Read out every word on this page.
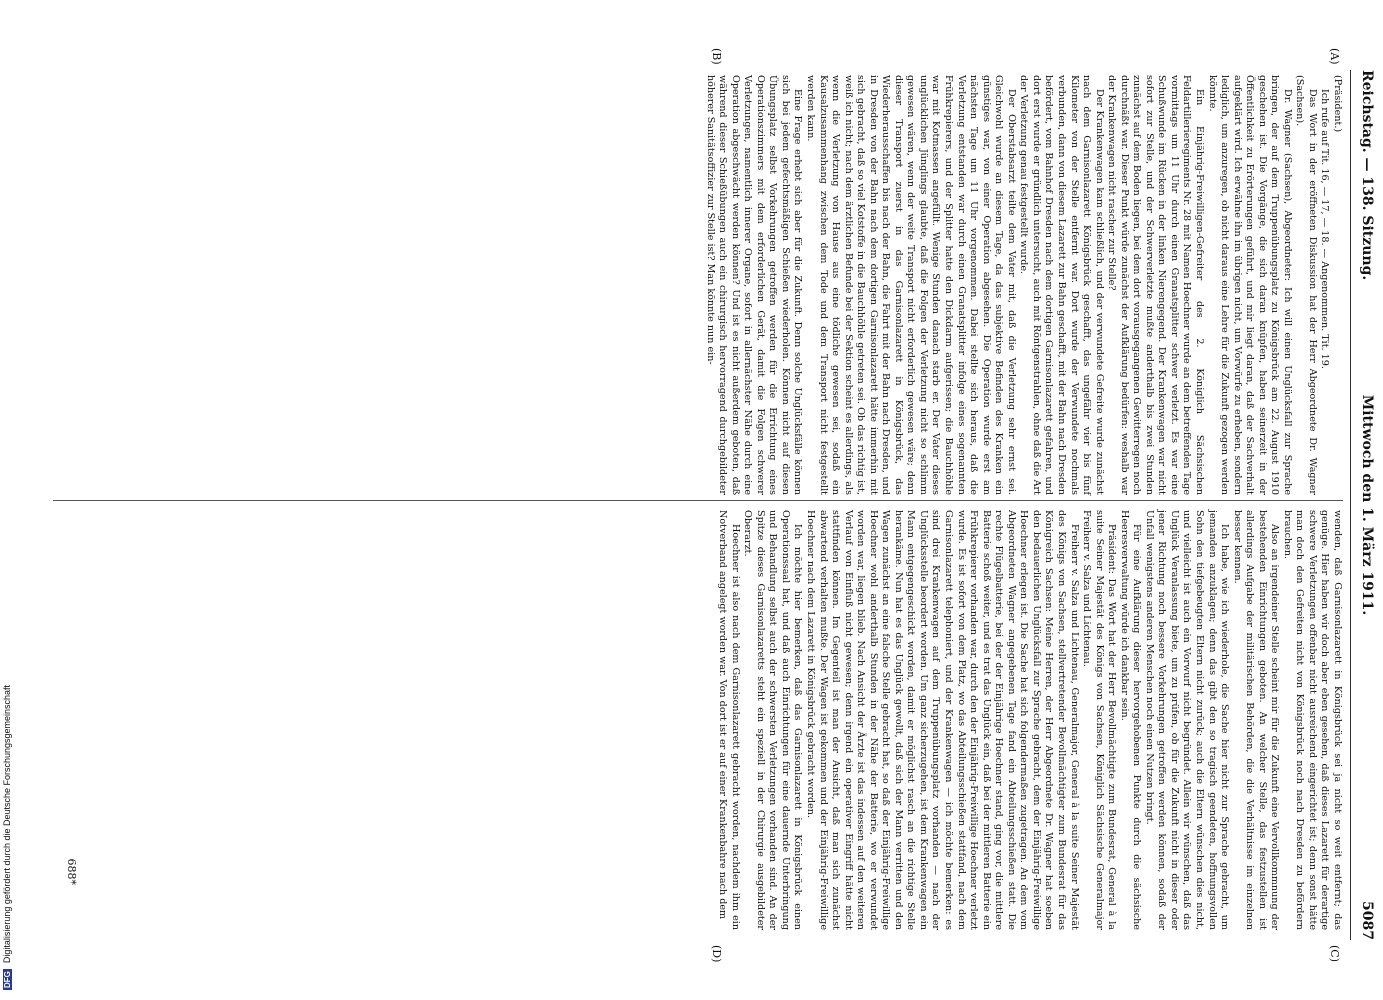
DFGDigitalisierung gefördert durch die Deutsche Forschungsgemeinschaft
Reichstag. — 138. Sitzung.
Mittwoch den 1. März 1911.
5087
(A)
(B)
(C)
(D)

(Präsident.)

Ich rufe auf Tit. 16, — 17, — 18. — Angenommen. Tit. 19.

Das Wort in der eröffneten Diskussion hat der Herr Abgeordnete Dr. Wagner (Sachsen).

Dr. Wagner (Sachsen), Abgeordneter: Ich will einen Unglücksfall zur Sprache bringen, der auf dem Truppenübungsplatz zu Königsbrück am 22. August 1910 geschehen ist. Die Vorgänge, die sich daran knüpfen, haben seinerzeit in der Öffentlichkeit zu Erörterungen geführt, und mir liegt daran, daß der Sachverhalt aufgeklärt wird. Ich erwähne ihn im übrigen nicht, um Vorwürfe zu erheben, sondern lediglich, um anzuregen, ob nicht daraus eine Lehre für die Zukunft gezogen werden könnte.

Ein Einjährig-Freiwilligen-Gefreiter des 2. Königlich Sächsischen Feldartillerieregiments Nr. 28 mit Namen Hoechner wurde an dem betreffenden Tage vormittags um 11 Uhr durch einen Granatsplitter schwer verletzt. Es war eine Schußwunde im Rücken in der linken Nierengegend. Der Krankenwagen war nicht sofort zur Stelle, und der Schwerverletzte mußte anderthalb bis zwei Stunden zunächst auf dem Boden liegen, bei dem dort vorausgegangenen Gewitterregen noch durchnäßt war. Dieser Punkt würde zunächst der Aufklärung bedürfen: weshalb war der Krankenwagen nicht rascher zur Stelle?

Der Krankenwagen kam schließlich, und der verwundete Gefreite wurde zunächst nach dem Garnisonlazarett Königsbrück geschafft, das ungefähr vier bis fünf Kilometer von der Stelle entfernt war. Dort wurde der Verwundete nochmals verbunden, dann von diesem Lazarett zur Bahn geschafft, mit der Bahn nach Dresden befördert, vom Bahnhof Dresden nach dem dortigen Garnisonlazarett gefahren, und dort erst wurde er gründlich untersucht, auch mit Röntgenstrahlen, ohne daß die Art der Verletzung genau festgestellt wurde.

Der Oberstabsarzt teilte dem Vater mit, daß die Verletzung sehr ernst sei. Gleichwohl wurde an diesem Tage, da das subjektive Befinden des Kranken ein günstiges war, von einer Operation abgesehen. Die Operation wurde erst am nächsten Tage um 11 Uhr vorgenommen. Dabei stellte sich heraus, daß die Verletzung entstanden war durch einen Granatsplitter infolge eines sogenannten Frühkrepierers, und der Splitter hatte den Dickdarm aufgerissen; die Bauchhöhle war mit Kotmassen angefüllt. Wenige Stunden danach starb er. Der Vater dieses unglücklichen Jünglings glaubte, daß die Folgen der Verletzung nicht so schlimm gewesen wären, wenn der weite Transport nicht erforderlich gewesen wäre; denn dieser Transport zuerst in das Garnisonlazarett in Königsbrück, das Wiederherausschaffen bis nach der Bahn, die Fahrt mit der Bahn nach Dresden, und in Dresden von der Bahn nach dem dortigen Garnisonlazarett hätte immerhin mit sich gebracht, daß so viel Kotstoffe in die Bauchhöhle getreten sei. Ob das richtig ist, weiß ich nicht; nach dem ärztlichen Befunde bei der Sektion scheint es allerdings, als wenn die Verletzung von Hause aus eine tödliche gewesen sei, sodaß ein Kausalzusammenhang zwischen dem Tode und dem Transport nicht festgestellt werden kann.

Eine Frage erhebt sich aber für die Zukunft. Denn solche Unglücksfälle können sich bei jedem gefechtsmäßigen Schießen wiederholen. Können nicht auf diesen Übungsplatz selbst Vorkehrungen getroffen werden für die Errichtung eines Operationszimmers mit dem erforderlichen Gerät, damit die Folgen schwerer Verletzungen, namentlich innerer Organe, sofort in allernächster Nähe durch eine Operation abgeschwächt werden können? Und ist es nicht außerdem geboten, daß während dieser Schießübungen auch ein chirurgisch hervorragend durchgebildeter höherer Sanitätsoffizier zur Stelle ist? Man könnte nun ein-

wenden, daß Garnisonlazarett in Königsbrück sei ja nicht so weit entfernt; das genüge. Hier haben wir doch aber eben gesehen, daß dieses Lazarett für derartige schwere Verletzungen offenbar nicht ausreichend eingerichtet ist; denn sonst hätte man doch den Gefreiten nicht von Königsbrück noch nach Dresden zu befördern brauchen.

Also an irgendeiner Stelle scheint mir für die Zukunft eine Vervollkommnung der bestehenden Einrichtungen geboten. An welcher Stelle, das festzustellen ist allerdings Aufgabe der militärischen Behörden, die die Verhältnisse im einzelnen besser kennen.

Ich habe, wie ich wiederhole, die Sache hier nicht zur Sprache gebracht, um jemanden anzuklagen; denn das gibt den so tragisch geendeten, hoffnungsvollen Sohn den tiefgebeugten Eltern nicht zurück; auch die Eltern wünschen dies nicht, und vielleicht ist auch ein Vorwurf nicht begründet. Allein wir wünschen, daß das Unglück Veranlassung biete, um zu prüfen, ob für die Zukunft nicht in dieser oder jener Richtung noch bessere Vorkehrungen getroffen werden können, sodaß der Unfall wenigstens anderen Menschen noch einen Nutzen bringt.

Für eine Aufklärung dieser hervorgehobenen Punkte durch die sächsische Heeresverwaltung würde ich dankbar sein.

Präsident: Das Wort hat der Herr Bevollmächtigte zum Bundesrat, General à la suite Seiner Majestät des Königs von Sachsen, Königlich Sächsische Generalmajor Freiherr v. Salza und Lichtenau.

Freiherr v. Salza und Lichtenau, Generalmajor, General à la suite Seiner Majestät des Königs von Sachsen, stellvertretender Bevollmächtigter zum Bundesrat für das Königreich Sachsen: Meine Herren, der Herr Abgeordnete Dr. Wagner hat soeben den bedauerlichen Unglücksfall zur Sprache gebracht, dem der Einjährig-Freiwillige Hoechner erlegen ist. Die Sache hat sich folgendermaßen zugetragen. An dem vom Abgeordneten Wagner angegebenen Tage fand ein Abteilungsschießen statt. Die rechte Flügelbatterie, bei der der Einjährige Hoechner stand, ging vor, die mittlere Batterie schoß weiter, und es trat das Unglück ein, daß bei der mittleren Batterie ein Frühkrepierer vorhanden war, durch den der Einjährig-Freiwillige Hoechner verletzt wurde. Es ist sofort von dem Platz, wo das Abteilungsschießen stattfand, nach dem Garnisonlazarett telephoniert, und der Krankenwagen — ich möchte bemerken: es sind drei Krankenwagen auf dem Truppenübungsplatz vorhanden — nach der Unglücksstelle beordert worden. Um ganz sicherzugehen, ist dem Krankenwagen ein Mann entgegengeschickt worden, damit er möglichst rasch an die richtige Stelle herankäme. Nun hat es das Unglück gewollt, daß sich der Mann verritten und den Wagen zunächst an eine falsche Stelle gebracht hat, so daß der Einjährig-Freiwillige Hoechner wohl anderthalb Stunden in der Nähe der Batterie, wo er verwundet worden war, liegen blieb. Nach Ansicht der Ärzte ist das indessen auf den weiteren Verlauf von Einfluß nicht gewesen; denn irgend ein operativer Eingriff hätte nicht stattfinden können. Im Gegenteil ist man der Ansicht, daß man sich zunächst abwartend verhalten mußte. Der Wagen ist gekommen und der Einjährig-Freiwillige Hoechner nach dem Lazarett in Königsbrück gebracht worden.

Ich möchte hier bemerken, daß das Garnisonlazarett in Königsbrück einen Operationssaal hat, und daß auch Einrichtungen für eine dauernde Unterbringung und Behandlung selbst auch der schwersten Verletzungen vorhanden sind. An der Spitze dieses Garnisonlazaretts steht ein speziell in der Chirurgie ausgebildeter Oberarzt.

Hoechner ist also nach dem Garnisonlazarett gebracht worden, nachdem ihm ein Notverband angelegt worden war. Von dort ist er auf einer Krankenbahre nach dem

688*
